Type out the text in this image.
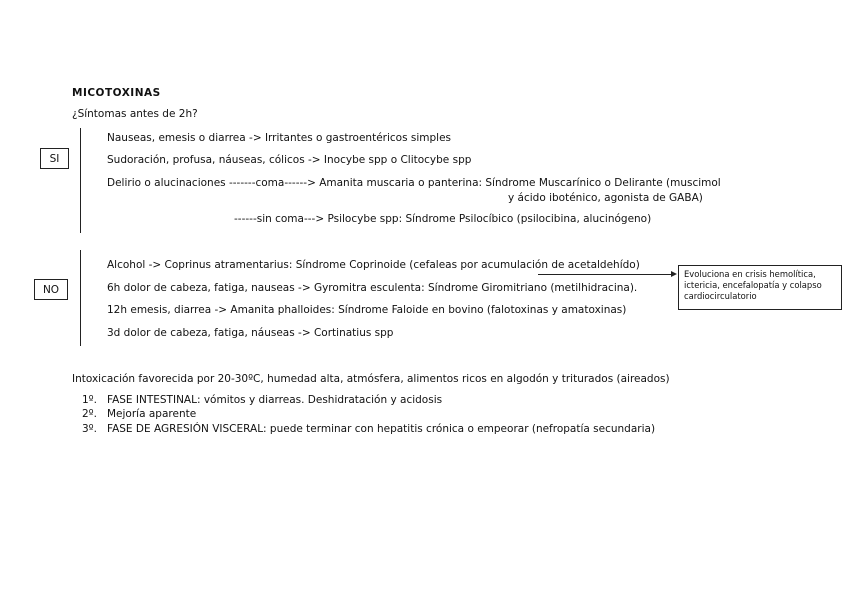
MICOTOXINAS
¿Síntomas antes de 2h?
SI
Nauseas, emesis o diarrea -> Irritantes o gastroentéricos simples
Sudoración, profusa, náuseas, cólicos -> Inocybe spp o Clitocybe spp
Delirio o alucinaciones -------coma------> Amanita muscaria o panterina: Síndrome Muscarínico o Delirante (muscimol
y ácido iboténico, agonista de GABA)
------sin coma---> Psilocybe spp: Síndrome Psilocíbico (psilocibina, alucinógeno)
NO
Alcohol -> Coprinus atramentarius: Síndrome Coprinoide (cefaleas por acumulación de acetaldehído)
6h dolor de cabeza, fatiga, nauseas -> Gyromitra esculenta: Síndrome Giromitriano (metilhidracina).
12h emesis, diarrea -> Amanita phalloides: Síndrome Faloide en bovino (falotoxinas y amatoxinas)
3d dolor de cabeza, fatiga, náuseas -> Cortinatius spp
Evoluciona en crisis hemolítica, ictericia, encefalopatía y colapso cardiocirculatorio
Intoxicación favorecida por 20-30ºC, humedad alta, atmósfera, alimentos ricos en algodón y triturados (aireados)
1º. FASE INTESTINAL: vómitos y diarreas. Deshidratación y acidosis
2º. Mejoría aparente
3º. FASE DE AGRESIÓN VISCERAL: puede terminar con hepatitis crónica o empeorar (nefropatía secundaria)
